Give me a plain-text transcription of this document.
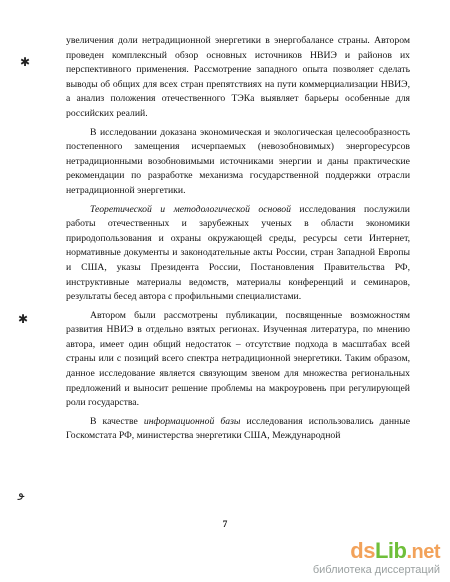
✱
✱
ﻮ

увеличения доли нетрадиционной энергетики в энергобалансе страны. Автором проведен комплексный обзор основных источников НВИЭ и районов их перспективного применения. Рассмотрение западного опыта позволяет сделать выводы об общих для всех стран препятствиях на пути коммерциализации НВИЭ, а анализ положения отечественного ТЭКа выявляет барьеры особенные для российских реалий.

В исследовании доказана экономическая и экологическая целесообразность постепенного замещения исчерпаемых (невозобновимых) энергоресурсов нетрадиционными возобновимыми источниками энергии и даны практические рекомендации по разработке механизма государственной поддержки отрасли нетрадиционной энергетики.

Теоретической и методологической основой исследования послужили работы отечественных и зарубежных ученых в области экономики природопользования и охраны окружающей среды, ресурсы сети Интернет, нормативные документы и законодательные акты России, стран Западной Европы и США, указы Президента России, Постановления Правительства РФ, инструктивные материалы ведомств, материалы конференций и семинаров, результаты бесед автора с профильными специалистами.

Автором были рассмотрены публикации, посвященные возможностям развития НВИЭ в отдельно взятых регионах. Изученная литература, по мнению автора, имеет один общий недостаток – отсутствие подхода в масштабах всей страны или с позиций всего спектра нетрадиционной энергетики. Таким образом, данное исследование является связующим звеном для множества региональных предложений и выносит решение проблемы на макроуровень при регулирующей роли государства.

В качестве информационной базы исследования использовались данные Госкомстата РФ, министерства энергетики США, Международной

7
dsLib.net
библиотека диссертаций
